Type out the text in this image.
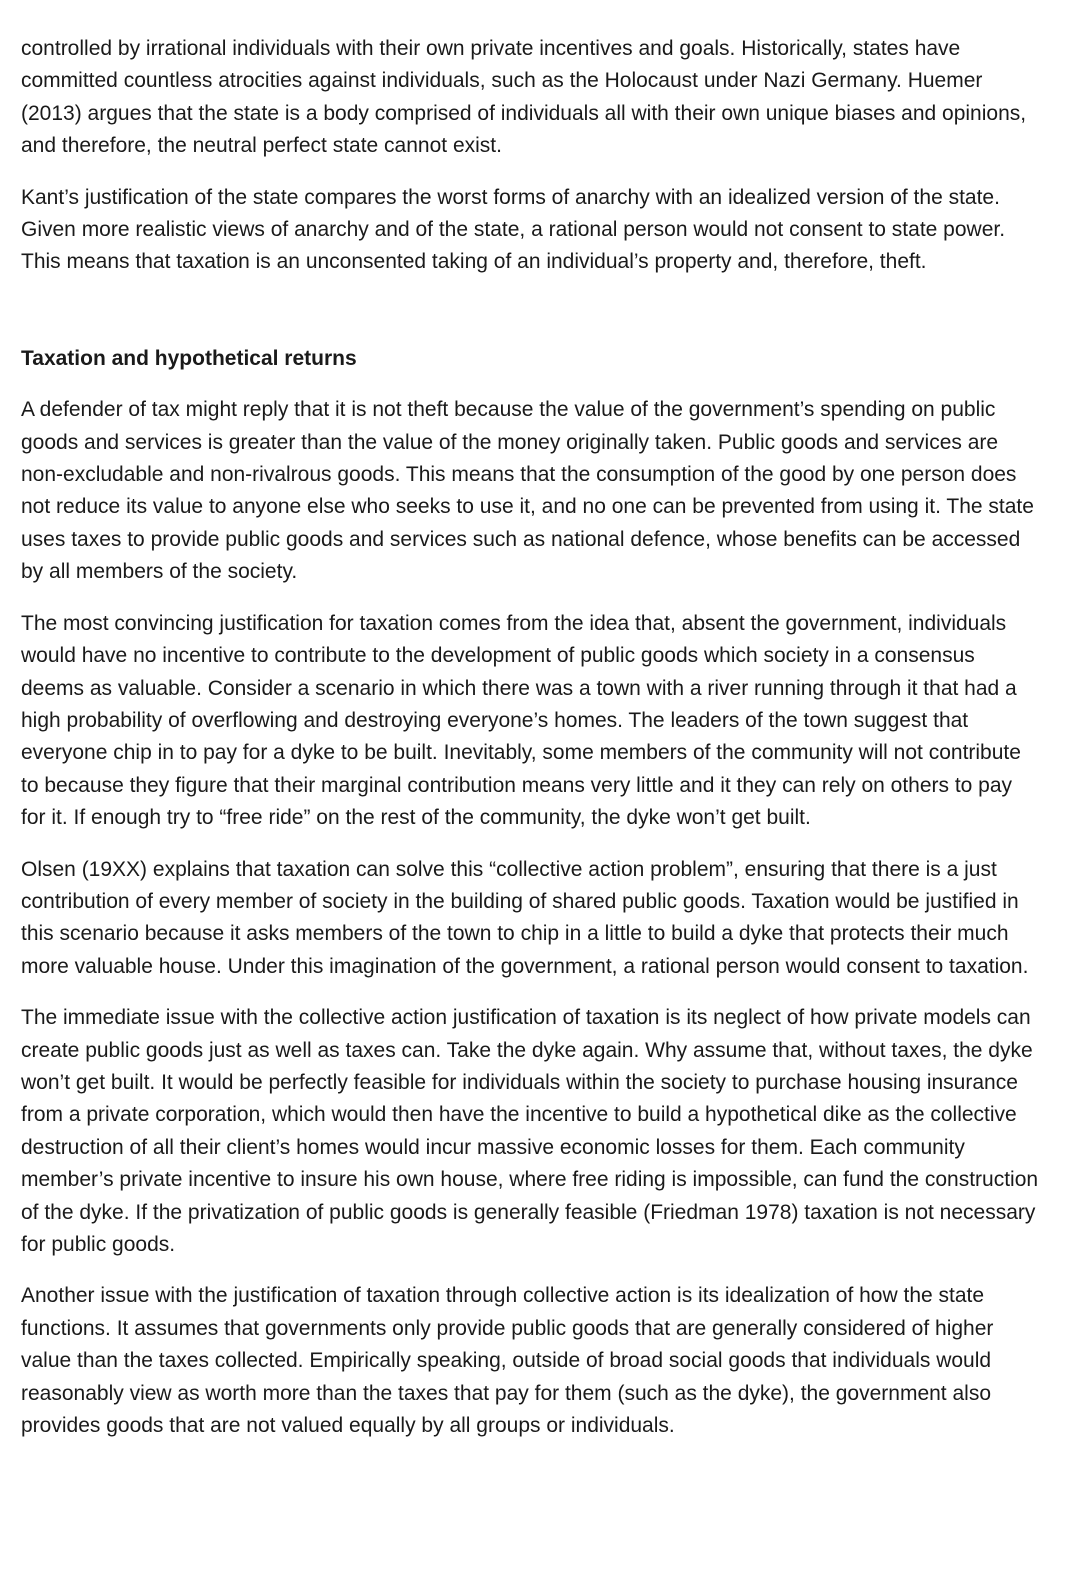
controlled by irrational individuals with their own private incentives and goals. Historically, states have committed countless atrocities against individuals, such as the Holocaust under Nazi Germany. Huemer (2013) argues that the state is a body comprised of individuals all with their own unique biases and opinions, and therefore, the neutral perfect state cannot exist.

Kant’s justification of the state compares the worst forms of anarchy with an idealized version of the state. Given more realistic views of anarchy and of the state, a rational person would not consent to state power. This means that taxation is an unconsented taking of an individual’s property and, therefore, theft.

Taxation and hypothetical returns

A defender of tax might reply that it is not theft because the value of the government’s spending on public goods and services is greater than the value of the money originally taken. Public goods and services are non-excludable and non-rivalrous goods. This means that the consumption of the good by one person does not reduce its value to anyone else who seeks to use it, and no one can be prevented from using it. The state uses taxes to provide public goods and services such as national defence, whose benefits can be accessed by all members of the society.

The most convincing justification for taxation comes from the idea that, absent the government, individuals would have no incentive to contribute to the development of public goods which society in a consensus deems as valuable. Consider a scenario in which there was a town with a river running through it that had a high probability of overflowing and destroying everyone’s homes. The leaders of the town suggest that everyone chip in to pay for a dyke to be built. Inevitably, some members of the community will not contribute to because they figure that their marginal contribution means very little and it they can rely on others to pay for it. If enough try to “free ride” on the rest of the community, the dyke won’t get built.

Olsen (19XX) explains that taxation can solve this “collective action problem”, ensuring that there is a just contribution of every member of society in the building of shared public goods. Taxation would be justified in this scenario because it asks members of the town to chip in a little to build a dyke that protects their much more valuable house. Under this imagination of the government, a rational person would consent to taxation.

The immediate issue with the collective action justification of taxation is its neglect of how private models can create public goods just as well as taxes can. Take the dyke again. Why assume that, without taxes, the dyke won’t get built. It would be perfectly feasible for individuals within the society to purchase housing insurance from a private corporation, which would then have the incentive to build a hypothetical dike as the collective destruction of all their client’s homes would incur massive economic losses for them. Each community member’s private incentive to insure his own house, where free riding is impossible, can fund the construction of the dyke. If the privatization of public goods is generally feasible (Friedman 1978) taxation is not necessary for public goods.

Another issue with the justification of taxation through collective action is its idealization of how the state functions. It assumes that governments only provide public goods that are generally considered of higher value than the taxes collected. Empirically speaking, outside of broad social goods that individuals would reasonably view as worth more than the taxes that pay for them (such as the dyke), the government also provides goods that are not valued equally by all groups or individuals.
